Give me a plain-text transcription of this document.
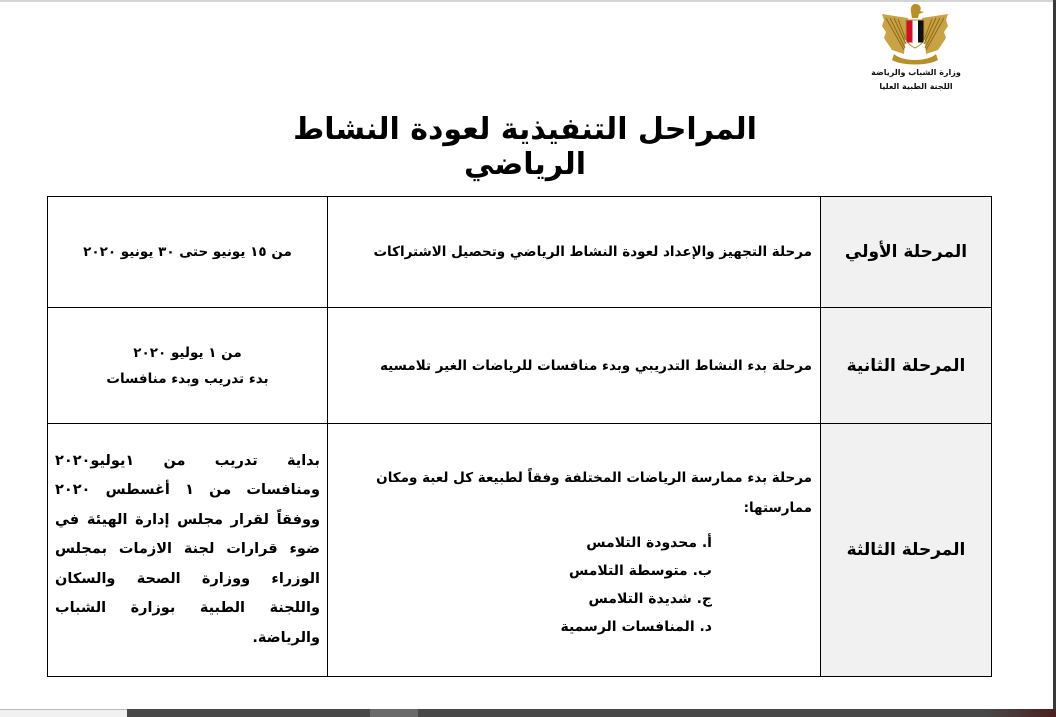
وزارة الشباب والرياضة
اللجنة الطبية العليا
المراحل التنفيذية لعودة النشاط الرياضي
المرحلة الأولي	مرحلة التجهيز والإعداد لعودة النشاط الرياضي وتحصيل الاشتراكات	من ١٥ يونيو حتى ٣٠ يونيو ٢٠٢٠
المرحلة الثانية	مرحلة بدء النشاط التدريبي وبدء منافسات للرياضات الغير تلامسيه	من ١ يوليو ٢٠٢٠
بدء تدريب وبدء منافسات

المرحلة الثالثة	مرحلة بدء ممارسة الرياضات المختلفة وفقاً لطبيعة كل لعبة ومكان ممارستها:
أ. محدودة التلامس
ب. متوسطة التلامس
ج. شديدة التلامس
د. المنافسات الرسمية	بداية تدريب من ١يوليو٢٠٢٠ ومنافسات من ١ أغسطس ٢٠٢٠ ووفقاً لقرار مجلس إدارة الهيئة في ضوء قرارات لجنة الازمات بمجلس الوزراء ووزارة الصحة والسكان واللجنة الطبية بوزارة الشباب والرياضة.
